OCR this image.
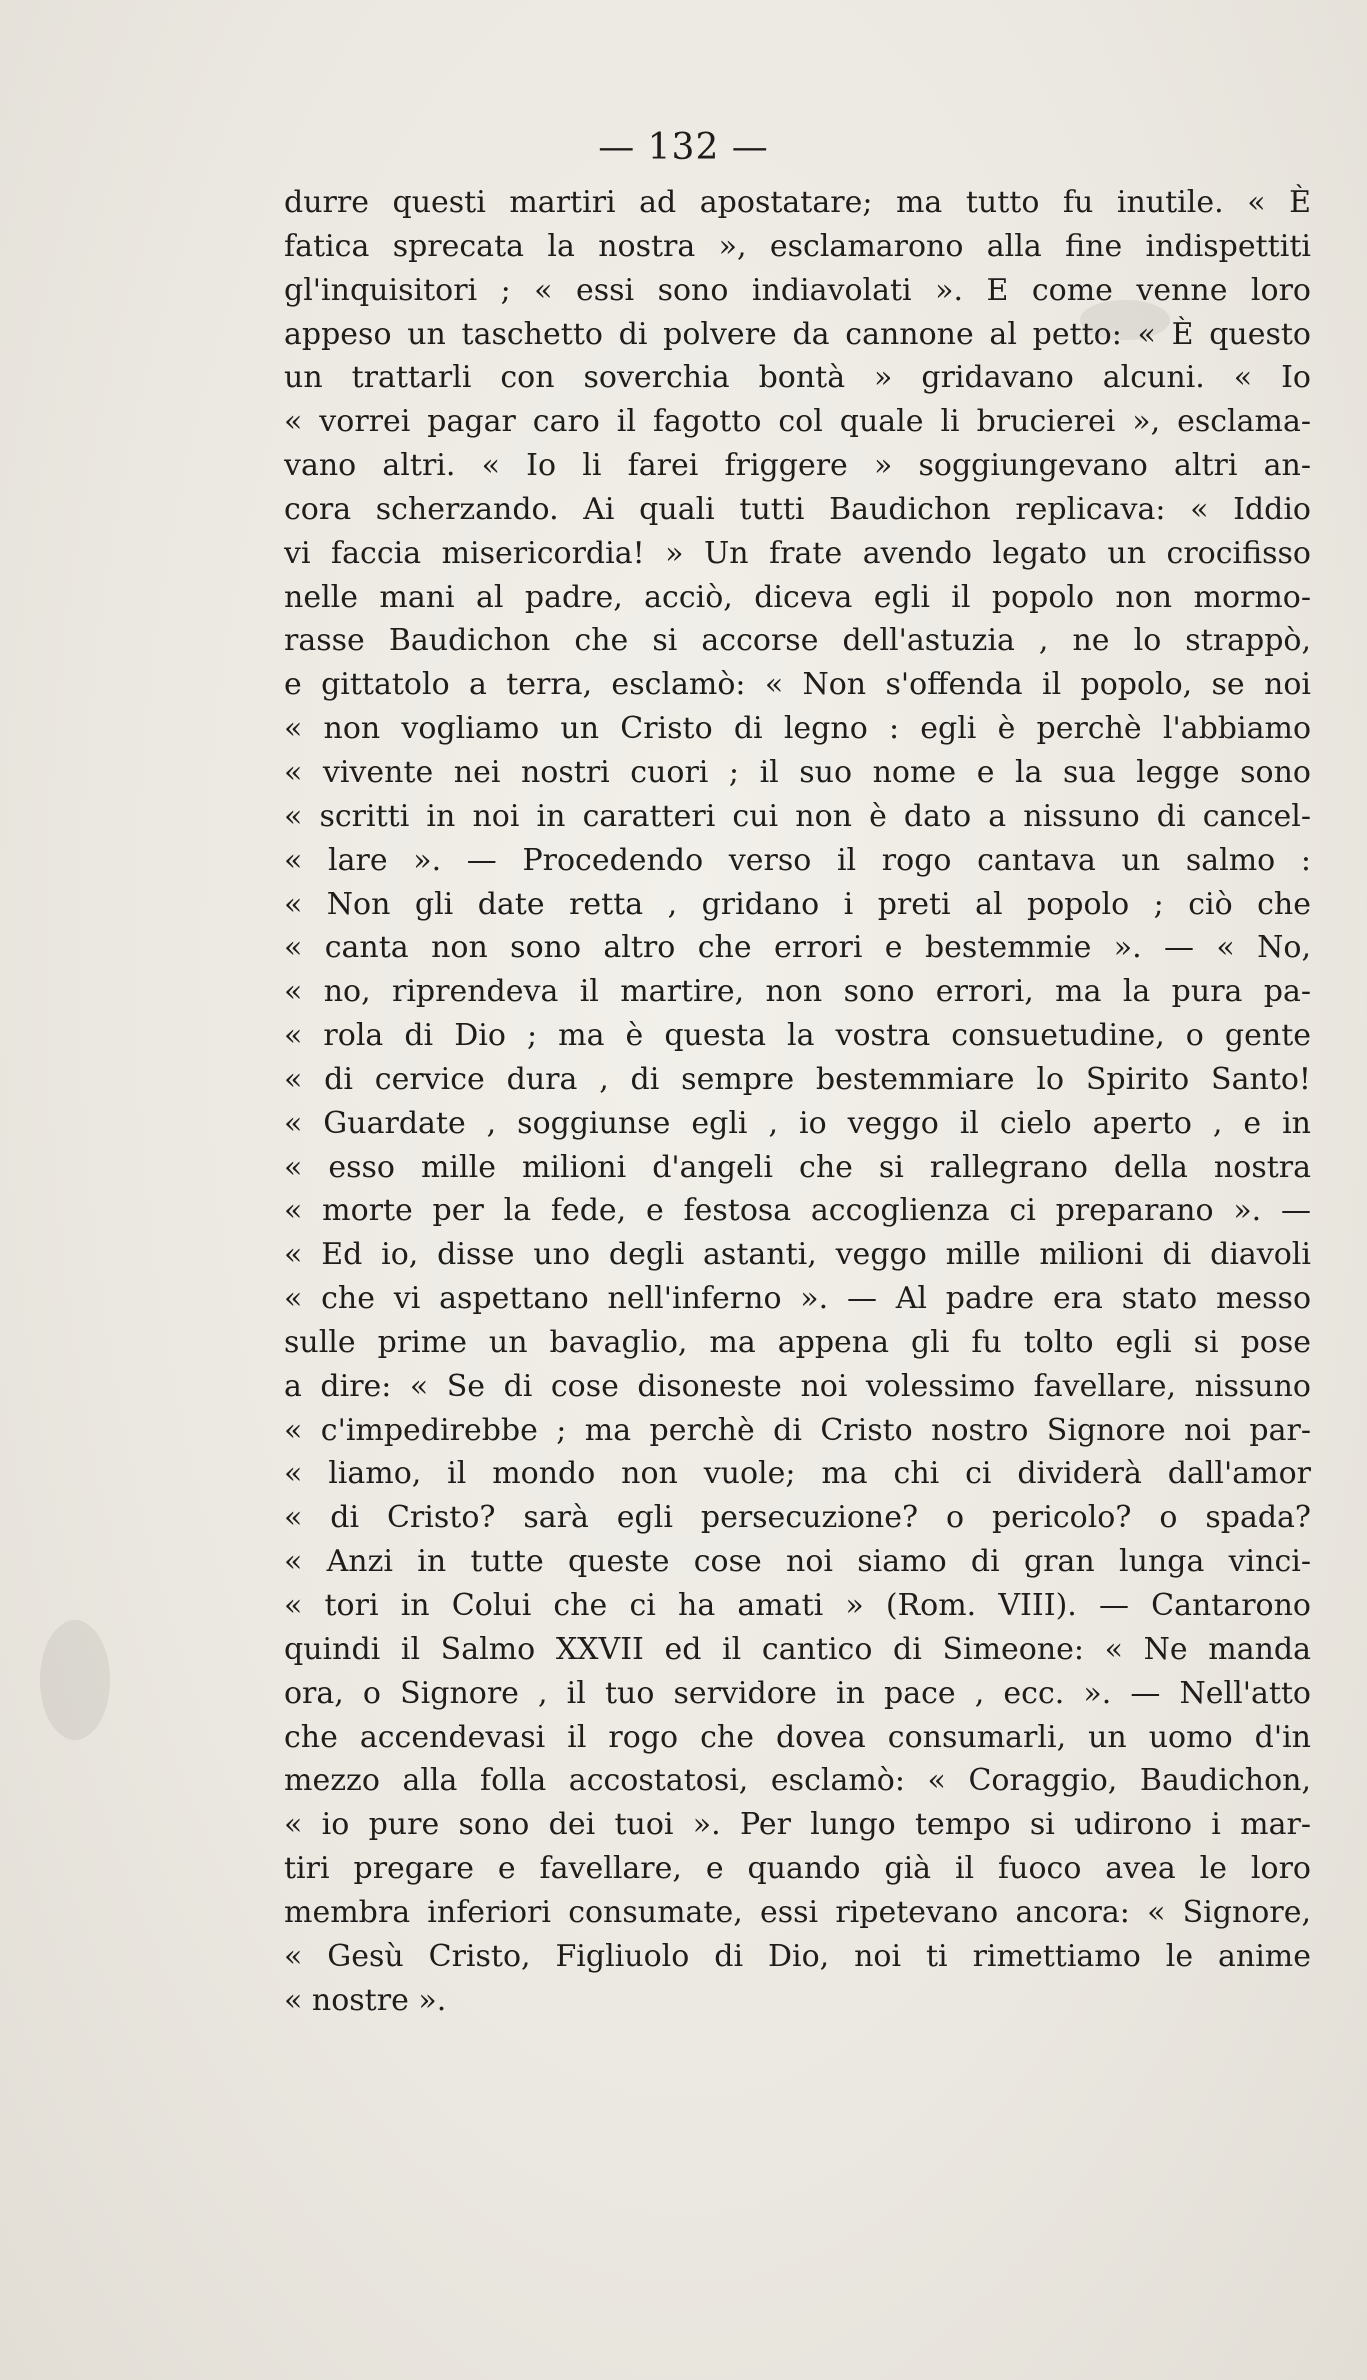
— 132 —
durre questi martiri ad apostatare; ma tutto fu inutile. « È
fatica sprecata la nostra », esclamarono alla fine indispettiti
gl'inquisitori ; « essi sono indiavolati ». E come venne loro
appeso un taschetto di polvere da cannone al petto: « È questo
un trattarli con soverchia bontà » gridavano alcuni. « Io
« vorrei pagar caro il fagotto col quale li brucierei », esclama-
vano altri. « Io li farei friggere » soggiungevano altri an-
cora scherzando. Ai quali tutti Baudichon replicava: « Iddio
vi faccia misericordia! » Un frate avendo legato un crocifisso
nelle mani al padre, acciò, diceva egli il popolo non mormo-
rasse Baudichon che si accorse dell'astuzia , ne lo strappò,
e gittatolo a terra, esclamò: « Non s'offenda il popolo, se noi
« non vogliamo un Cristo di legno : egli è perchè l'abbiamo
« vivente nei nostri cuori ; il suo nome e la sua legge sono
« scritti in noi in caratteri cui non è dato a nissuno di cancel-
« lare ». — Procedendo verso il rogo cantava un salmo :
« Non gli date retta , gridano i preti al popolo ; ciò che
« canta non sono altro che errori e bestemmie ». — « No,
« no, riprendeva il martire, non sono errori, ma la pura pa-
« rola di Dio ; ma è questa la vostra consuetudine, o gente
« di cervice dura , di sempre bestemmiare lo Spirito Santo!
« Guardate , soggiunse egli , io veggo il cielo aperto , e in
« esso mille milioni d'angeli che si rallegrano della nostra
« morte per la fede, e festosa accoglienza ci preparano ». —
« Ed io, disse uno degli astanti, veggo mille milioni di diavoli
« che vi aspettano nell'inferno ». — Al padre era stato messo
sulle prime un bavaglio, ma appena gli fu tolto egli si pose
a dire: « Se di cose disoneste noi volessimo favellare, nissuno
« c'impedirebbe ; ma perchè di Cristo nostro Signore noi par-
« liamo, il mondo non vuole; ma chi ci dividerà dall'amor
« di Cristo? sarà egli persecuzione? o pericolo? o spada?
« Anzi in tutte queste cose noi siamo di gran lunga vinci-
« tori in Colui che ci ha amati » (Rom. VIII). — Cantarono
quindi il Salmo XXVII ed il cantico di Simeone: « Ne manda
ora, o Signore , il tuo servidore in pace , ecc. ». — Nell'atto
che accendevasi il rogo che dovea consumarli, un uomo d'in
mezzo alla folla accostatosi, esclamò: « Coraggio, Baudichon,
« io pure sono dei tuoi ». Per lungo tempo si udirono i mar-
tiri pregare e favellare, e quando già il fuoco avea le loro
membra inferiori consumate, essi ripetevano ancora: « Signore,
« Gesù Cristo, Figliuolo di Dio, noi ti rimettiamo le anime
« nostre ».
